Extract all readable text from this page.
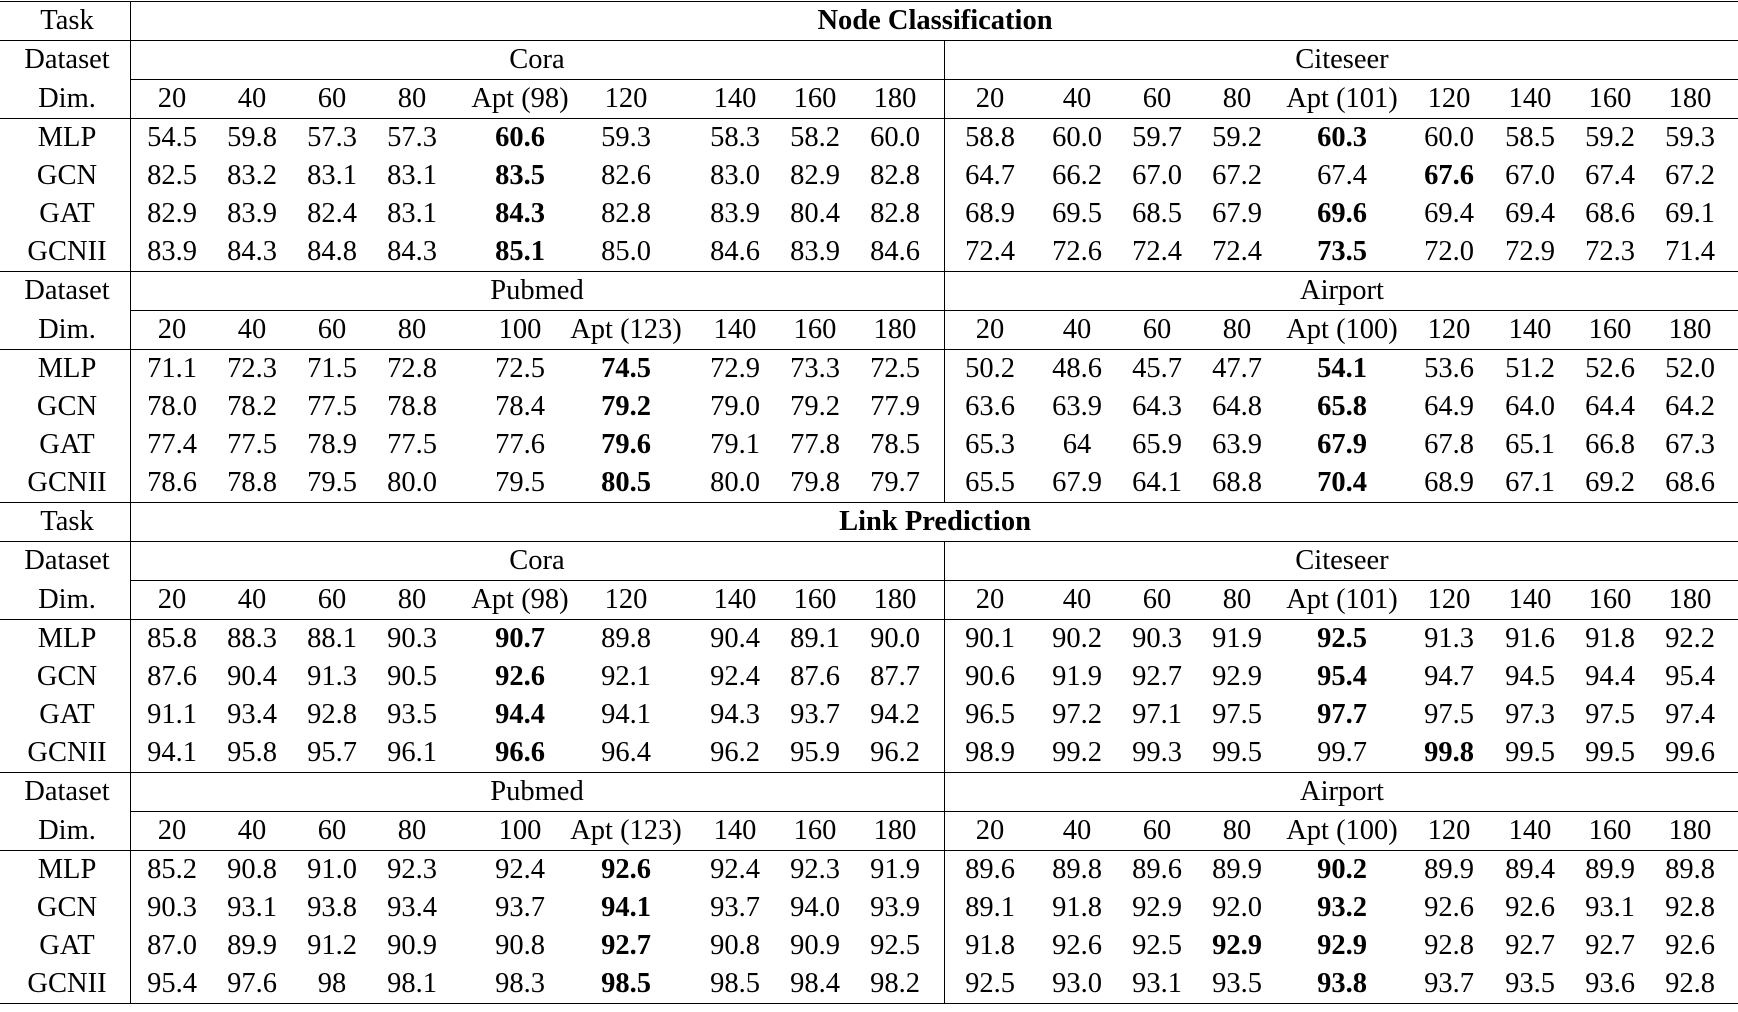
Task	Node Classification
Dataset	Cora	Citeseer
Dim.	20	40	60	80	Apt (98)	120	140	160	180	20	40	60	80	Apt (101)	120	140	160	180
MLP	54.5	59.8	57.3	57.3	60.6	59.3	58.3	58.2	60.0	58.8	60.0	59.7	59.2	60.3	60.0	58.5	59.2	59.3
GCN	82.5	83.2	83.1	83.1	83.5	82.6	83.0	82.9	82.8	64.7	66.2	67.0	67.2	67.4	67.6	67.0	67.4	67.2
GAT	82.9	83.9	82.4	83.1	84.3	82.8	83.9	80.4	82.8	68.9	69.5	68.5	67.9	69.6	69.4	69.4	68.6	69.1
GCNII	83.9	84.3	84.8	84.3	85.1	85.0	84.6	83.9	84.6	72.4	72.6	72.4	72.4	73.5	72.0	72.9	72.3	71.4
Dataset	Pubmed	Airport
Dim.	20	40	60	80	100	Apt (123)	140	160	180	20	40	60	80	Apt (100)	120	140	160	180
MLP	71.1	72.3	71.5	72.8	72.5	74.5	72.9	73.3	72.5	50.2	48.6	45.7	47.7	54.1	53.6	51.2	52.6	52.0
GCN	78.0	78.2	77.5	78.8	78.4	79.2	79.0	79.2	77.9	63.6	63.9	64.3	64.8	65.8	64.9	64.0	64.4	64.2
GAT	77.4	77.5	78.9	77.5	77.6	79.6	79.1	77.8	78.5	65.3	64	65.9	63.9	67.9	67.8	65.1	66.8	67.3
GCNII	78.6	78.8	79.5	80.0	79.5	80.5	80.0	79.8	79.7	65.5	67.9	64.1	68.8	70.4	68.9	67.1	69.2	68.6
Task	Link Prediction
Dataset	Cora	Citeseer
Dim.	20	40	60	80	Apt (98)	120	140	160	180	20	40	60	80	Apt (101)	120	140	160	180
MLP	85.8	88.3	88.1	90.3	90.7	89.8	90.4	89.1	90.0	90.1	90.2	90.3	91.9	92.5	91.3	91.6	91.8	92.2
GCN	87.6	90.4	91.3	90.5	92.6	92.1	92.4	87.6	87.7	90.6	91.9	92.7	92.9	95.4	94.7	94.5	94.4	95.4
GAT	91.1	93.4	92.8	93.5	94.4	94.1	94.3	93.7	94.2	96.5	97.2	97.1	97.5	97.7	97.5	97.3	97.5	97.4
GCNII	94.1	95.8	95.7	96.1	96.6	96.4	96.2	95.9	96.2	98.9	99.2	99.3	99.5	99.7	99.8	99.5	99.5	99.6
Dataset	Pubmed	Airport
Dim.	20	40	60	80	100	Apt (123)	140	160	180	20	40	60	80	Apt (100)	120	140	160	180
MLP	85.2	90.8	91.0	92.3	92.4	92.6	92.4	92.3	91.9	89.6	89.8	89.6	89.9	90.2	89.9	89.4	89.9	89.8
GCN	90.3	93.1	93.8	93.4	93.7	94.1	93.7	94.0	93.9	89.1	91.8	92.9	92.0	93.2	92.6	92.6	93.1	92.8
GAT	87.0	89.9	91.2	90.9	90.8	92.7	90.8	90.9	92.5	91.8	92.6	92.5	92.9	92.9	92.8	92.7	92.7	92.6
GCNII	95.4	97.6	98	98.1	98.3	98.5	98.5	98.4	98.2	92.5	93.0	93.1	93.5	93.8	93.7	93.5	93.6	92.8
